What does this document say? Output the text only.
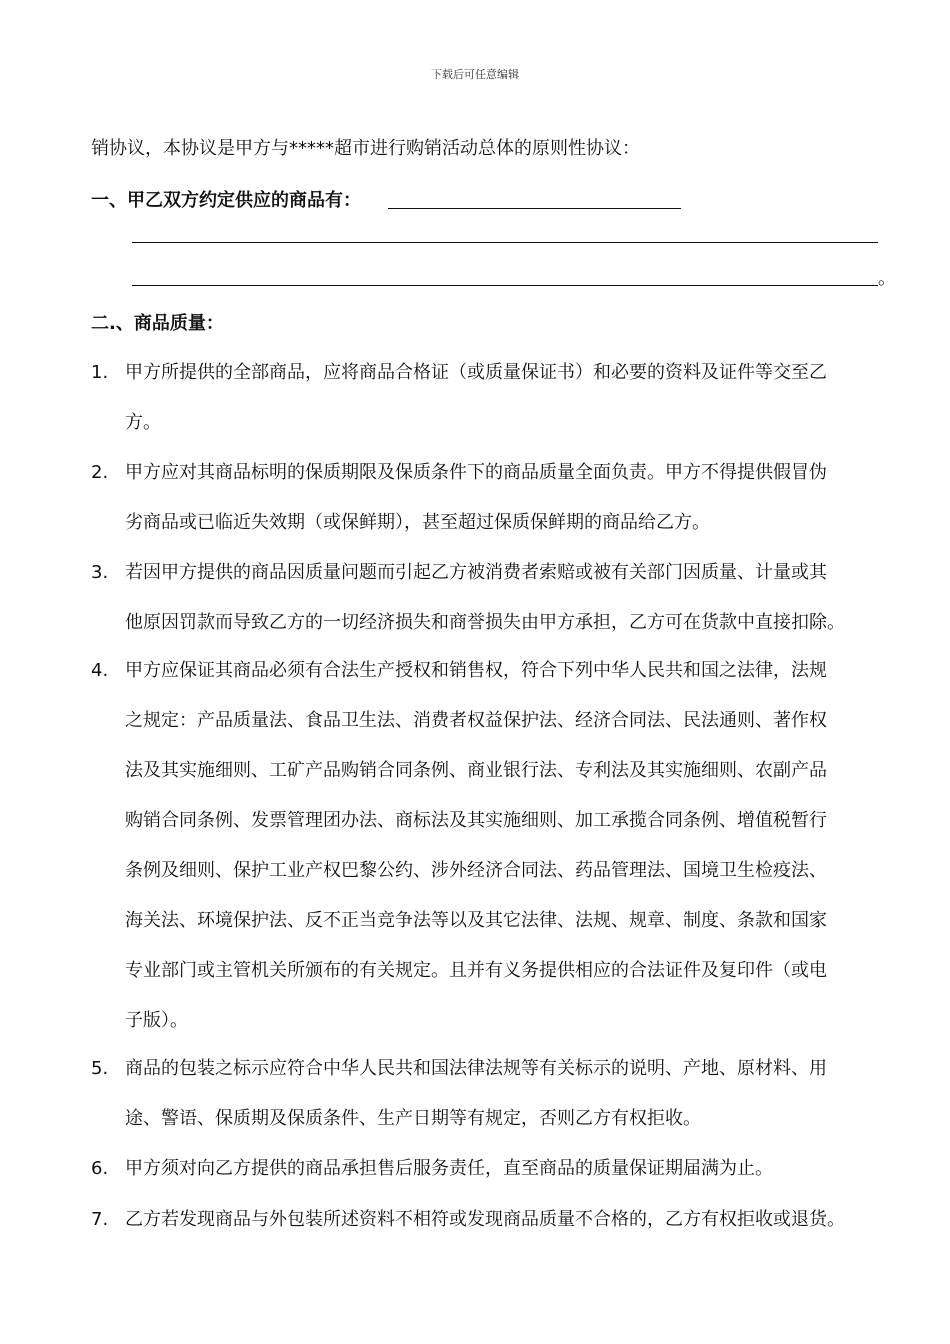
下载后可任意编辑
销协议，本协议是甲方与*****超市进行购销活动总体的原则性协议：
一、甲乙双方约定供应的商品有：
。
二.、商品质量：
1. 甲方所提供的全部商品，应将商品合格证（或质量保证书）和必要的资料及证件等交至乙
方。
2. 甲方应对其商品标明的保质期限及保质条件下的商品质量全面负责。甲方不得提供假冒伪
劣商品或已临近失效期（或保鲜期），甚至超过保质保鲜期的商品给乙方。
3. 若因甲方提供的商品因质量问题而引起乙方被消费者索赔或被有关部门因质量、计量或其
他原因罚款而导致乙方的一切经济损失和商誉损失由甲方承担，乙方可在货款中直接扣除。
4. 甲方应保证其商品必须有合法生产授权和销售权，符合下列中华人民共和国之法律，法规
之规定：产品质量法、食品卫生法、消费者权益保护法、经济合同法、民法通则、著作权
法及其实施细则、工矿产品购销合同条例、商业银行法、专利法及其实施细则、农副产品
购销合同条例、发票管理团办法、商标法及其实施细则、加工承揽合同条例、增值税暂行
条例及细则、保护工业产权巴黎公约、涉外经济合同法、药品管理法、国境卫生检疫法、
海关法、环境保护法、反不正当竞争法等以及其它法律、法规、规章、制度、条款和国家
专业部门或主管机关所颁布的有关规定。且并有义务提供相应的合法证件及复印件（或电
子版）。
5. 商品的包装之标示应符合中华人民共和国法律法规等有关标示的说明、产地、原材料、用
途、警语、保质期及保质条件、生产日期等有规定，否则乙方有权拒收。
6. 甲方须对向乙方提供的商品承担售后服务责任，直至商品的质量保证期届满为止。
7. 乙方若发现商品与外包装所述资料不相符或发现商品质量不合格的，乙方有权拒收或退货。
